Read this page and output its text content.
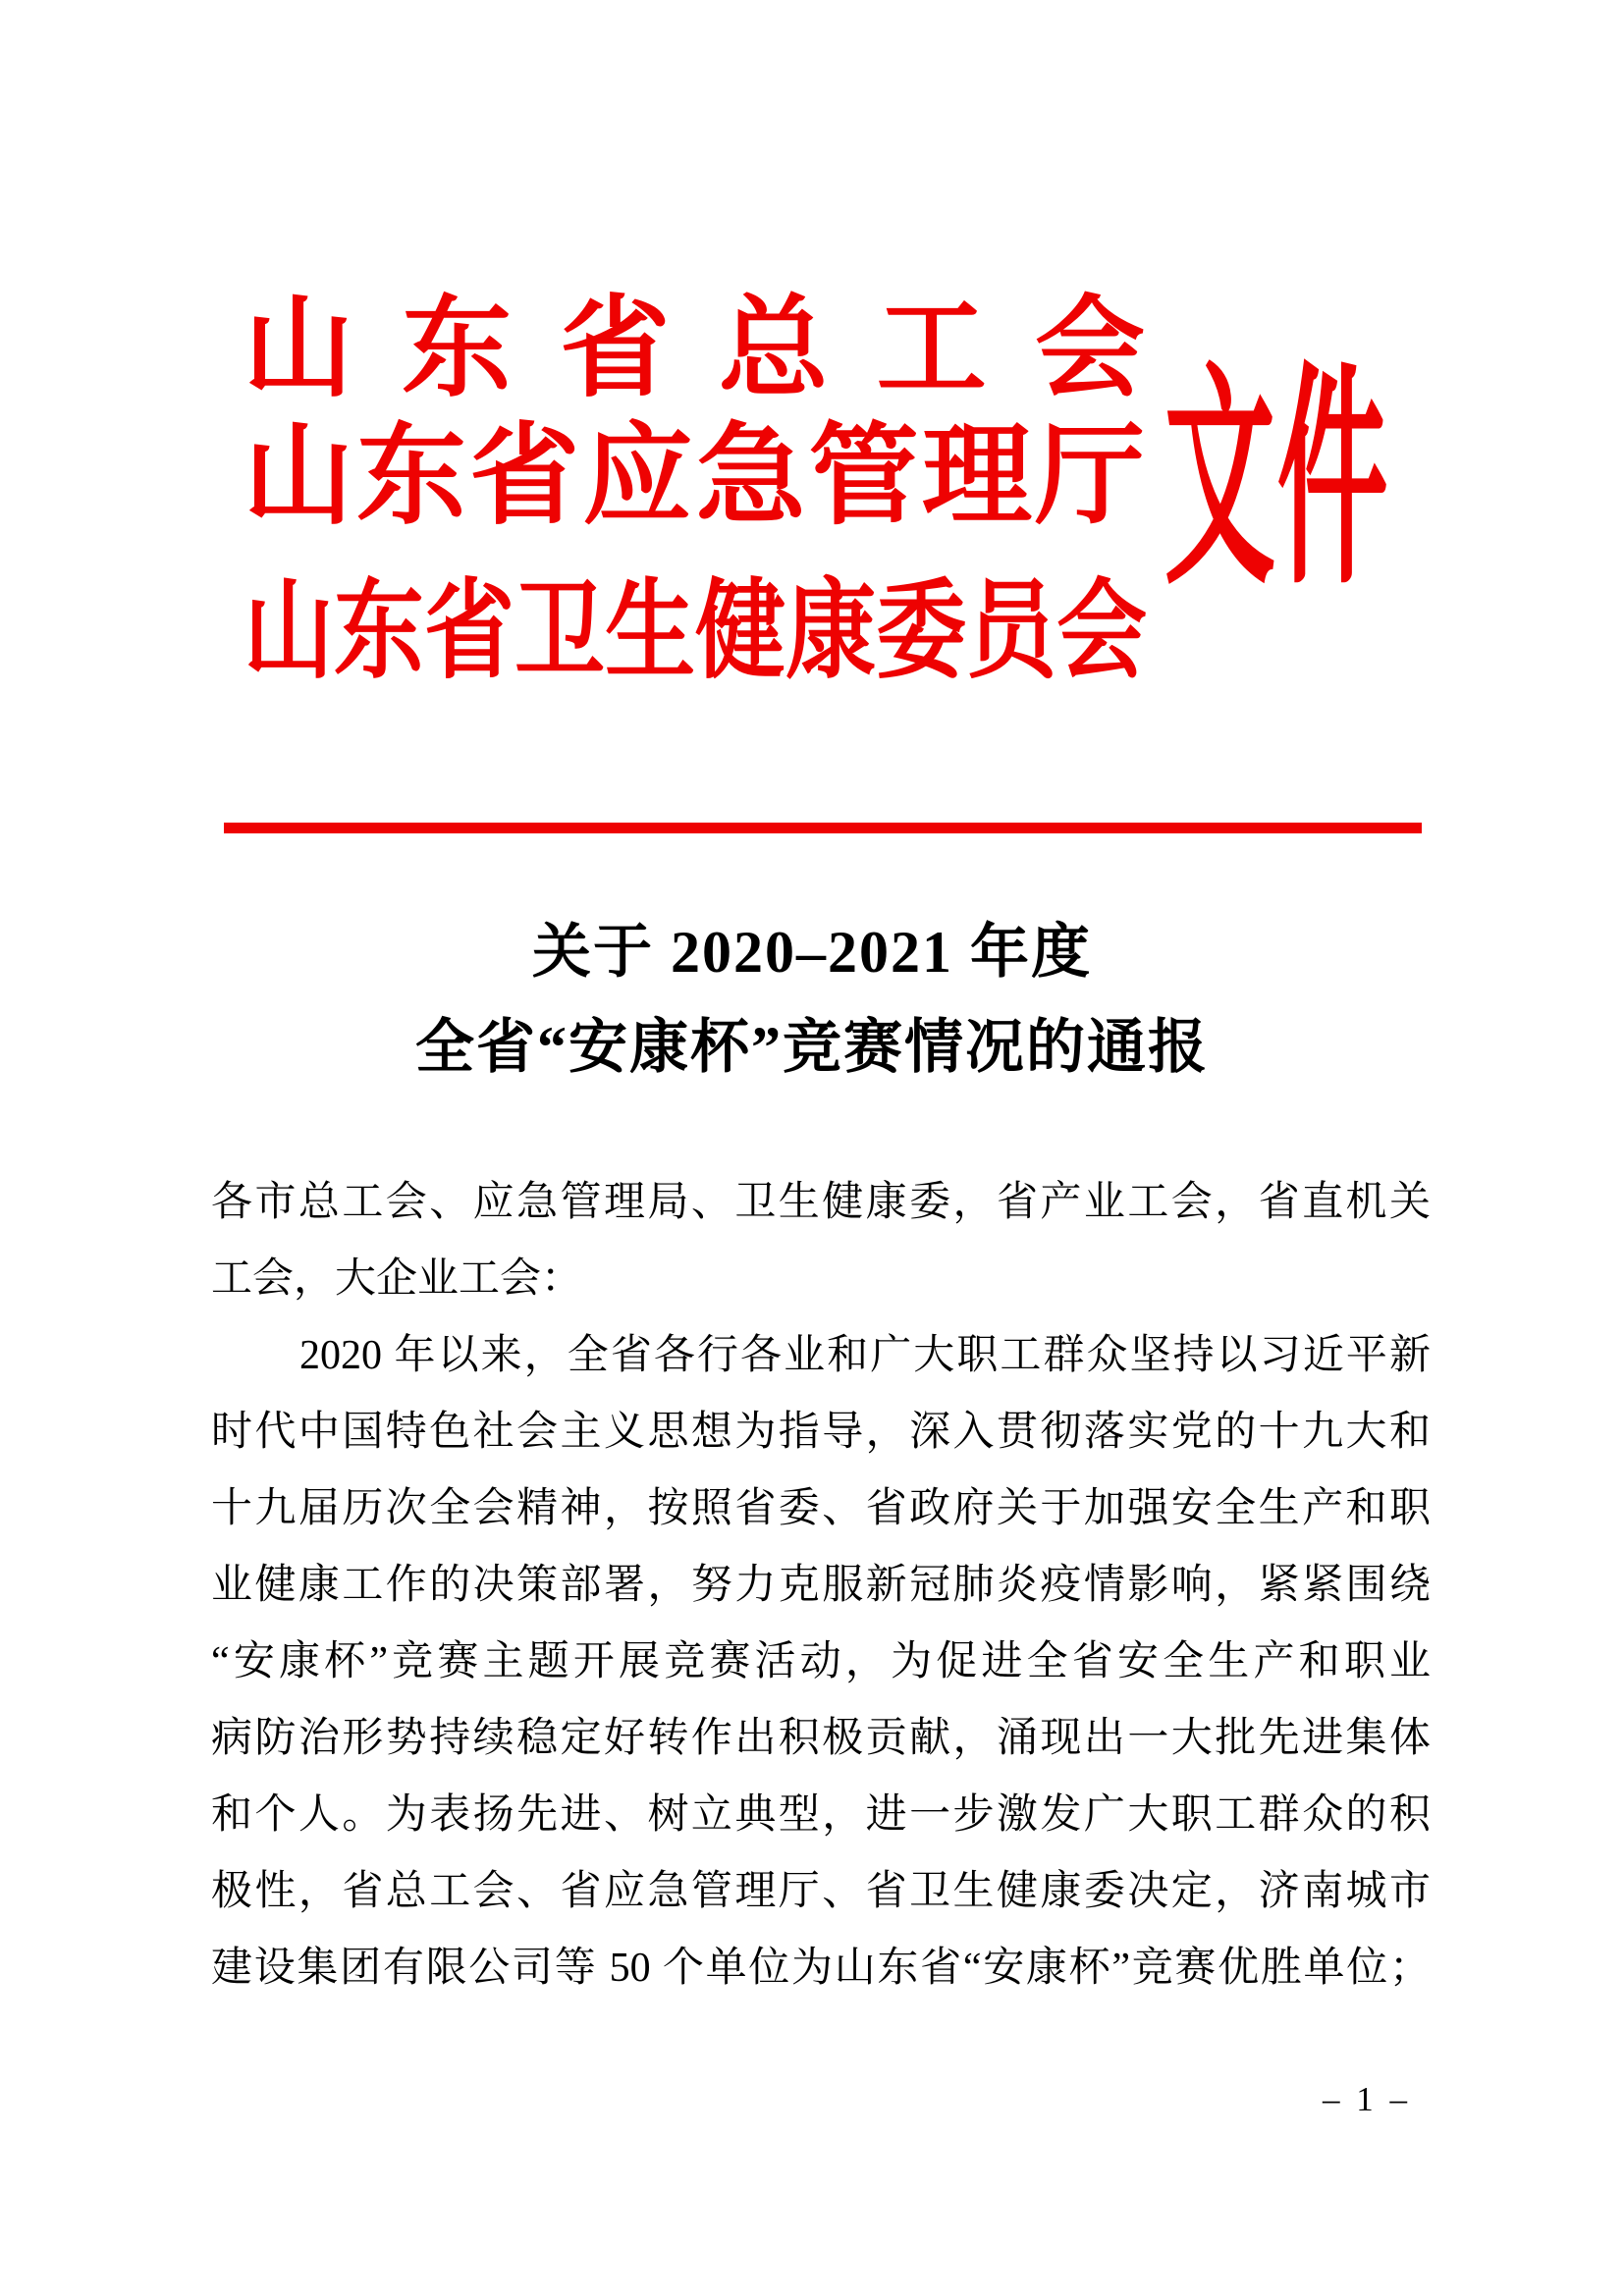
山 东 省 总 工 会
山 东 省 应 急 管 理 厅
山 东 省 卫 生 健 康 委 员 会
文件
关于 2020–2021 年度
全省“安康杯”竞赛情况的通报
各市总工会、应急管理局、卫生健康委，省产业工会，省直机关
工会，大企业工会：
2020 年以来，全省各行各业和广大职工群众坚持以习近平新
时代中国特色社会主义思想为指导，深入贯彻落实党的十九大和
十九届历次全会精神，按照省委、省政府关于加强安全生产和职
业健康工作的决策部署，努力克服新冠肺炎疫情影响，紧紧围绕
“安康杯”竞赛主题开展竞赛活动，为促进全省安全生产和职业
病防治形势持续稳定好转作出积极贡献，涌现出一大批先进集体
和个人。为表扬先进、树立典型，进一步激发广大职工群众的积
极性，省总工会、省应急管理厅、省卫生健康委决定，济南城市
建设集团有限公司等 50 个单位为山东省“安康杯”竞赛优胜单位；
– 1 –
